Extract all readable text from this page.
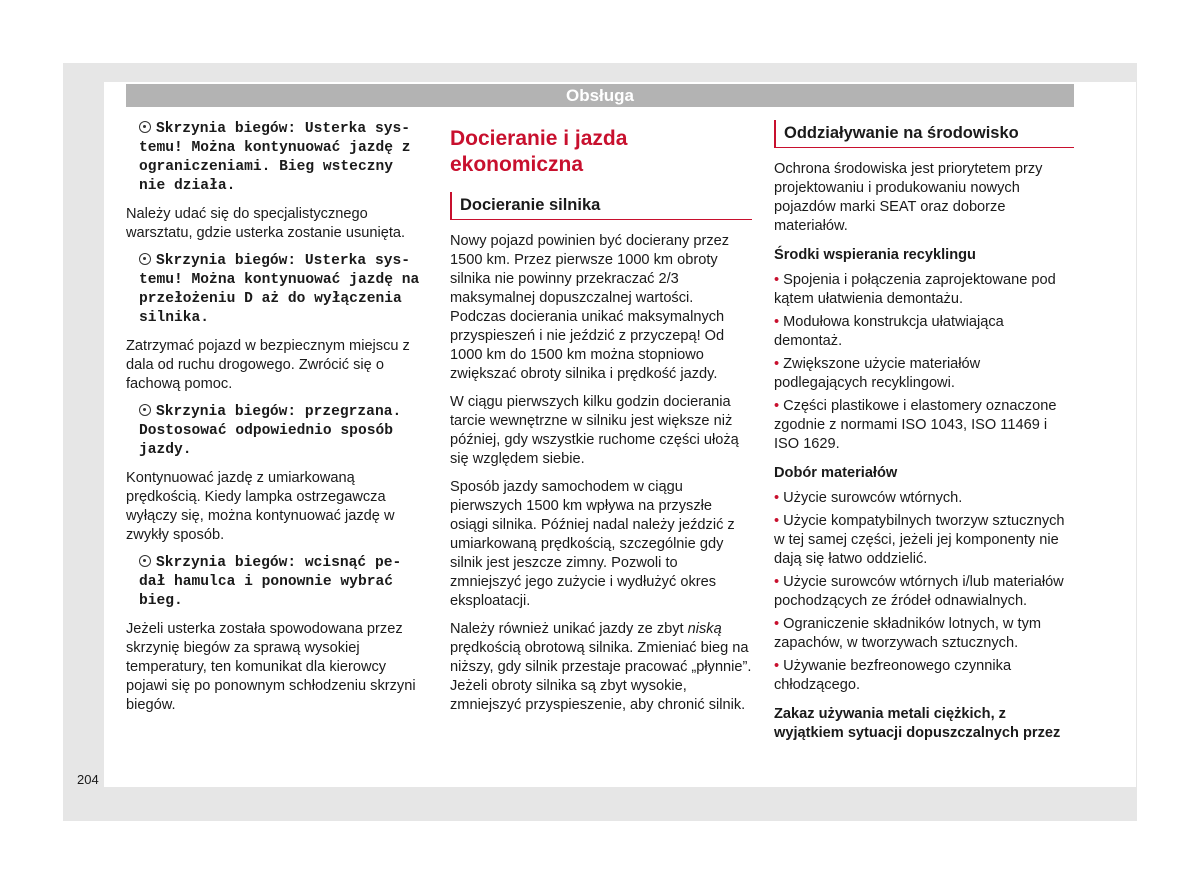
Obsługa
Skrzynia biegów: Usterka sys-
temu! Można kontynuować jazdę z
ograniczeniami. Bieg wsteczny
nie działa.

Należy udać się do specjalistycznego warsztatu, gdzie usterka zostanie usunięta.

Skrzynia biegów: Usterka sys-
temu! Można kontynuować jazdę na
przełożeniu D aż do wyłączenia
silnika.

Zatrzymać pojazd w bezpiecznym miejscu z dala od ruchu drogowego. Zwrócić się o fachową pomoc.

Skrzynia biegów: przegrzana.
Dostosować odpowiednio sposób
jazdy.

Kontynuować jazdę z umiarkowaną prędkością. Kiedy lampka ostrzegawcza wyłączy się, można kontynuować jazdę w zwykły sposób.

Skrzynia biegów: wcisnąć pe-
dał hamulca i ponownie wybrać
bieg.

Jeżeli usterka została spowodowana przez skrzynię biegów za sprawą wysokiej temperatury, ten komunikat dla kierowcy pojawi się po ponownym schłodzeniu skrzyni biegów.

Docieranie i jazda ekonomiczna
Docieranie silnika

Nowy pojazd powinien być docierany przez 1500 km. Przez pierwsze 1000 km obroty silnika nie powinny przekraczać 2/3 maksymalnej dopuszczalnej wartości. Podczas docierania unikać maksymalnych przyspieszeń i nie jeździć z przyczepą! Od 1000 km do 1500 km można stopniowo zwiększać obroty silnika i prędkość jazdy.

W ciągu pierwszych kilku godzin docierania tarcie wewnętrzne w silniku jest większe niż później, gdy wszystkie ruchome części ułożą się względem siebie.

Sposób jazdy samochodem w ciągu pierwszych 1500 km wpływa na przyszłe osiągi silnika. Później nadal należy jeździć z umiarkowaną prędkością, szczególnie gdy silnik jest jeszcze zimny. Pozwoli to zmniejszyć jego zużycie i wydłużyć okres eksploatacji.

Należy również unikać jazdy ze zbyt niską prędkością obrotową silnika. Zmieniać bieg na niższy, gdy silnik przestaje pracować „płynnie”. Jeżeli obroty silnika są zbyt wysokie, zmniejszyć przyspieszenie, aby chronić silnik.

Oddziaływanie na środowisko

Ochrona środowiska jest priorytetem przy projektowaniu i produkowaniu nowych pojazdów marki SEAT oraz doborze materiałów.

Środki wspierania recyklingu
• Spojenia i połączenia zaprojektowane pod kątem ułatwienia demontażu.
• Modułowa konstrukcja ułatwiająca demontaż.
• Zwiększone użycie materiałów podlegających recyklingowi.
• Części plastikowe i elastomery oznaczone zgodnie z normami ISO 1043, ISO 11469 i ISO 1629.
Dobór materiałów
• Użycie surowców wtórnych.
• Użycie kompatybilnych tworzyw sztucznych w tej samej części, jeżeli jej komponenty nie dają się łatwo oddzielić.
• Użycie surowców wtórnych i/lub materiałów pochodzących ze źródeł odnawialnych.
• Ograniczenie składników lotnych, w tym zapachów, w tworzywach sztucznych.
• Używanie bezfreonowego czynnika chłodzącego.
Zakaz używania metali ciężkich, z wyjątkiem sytuacji dopuszczalnych przez
204
